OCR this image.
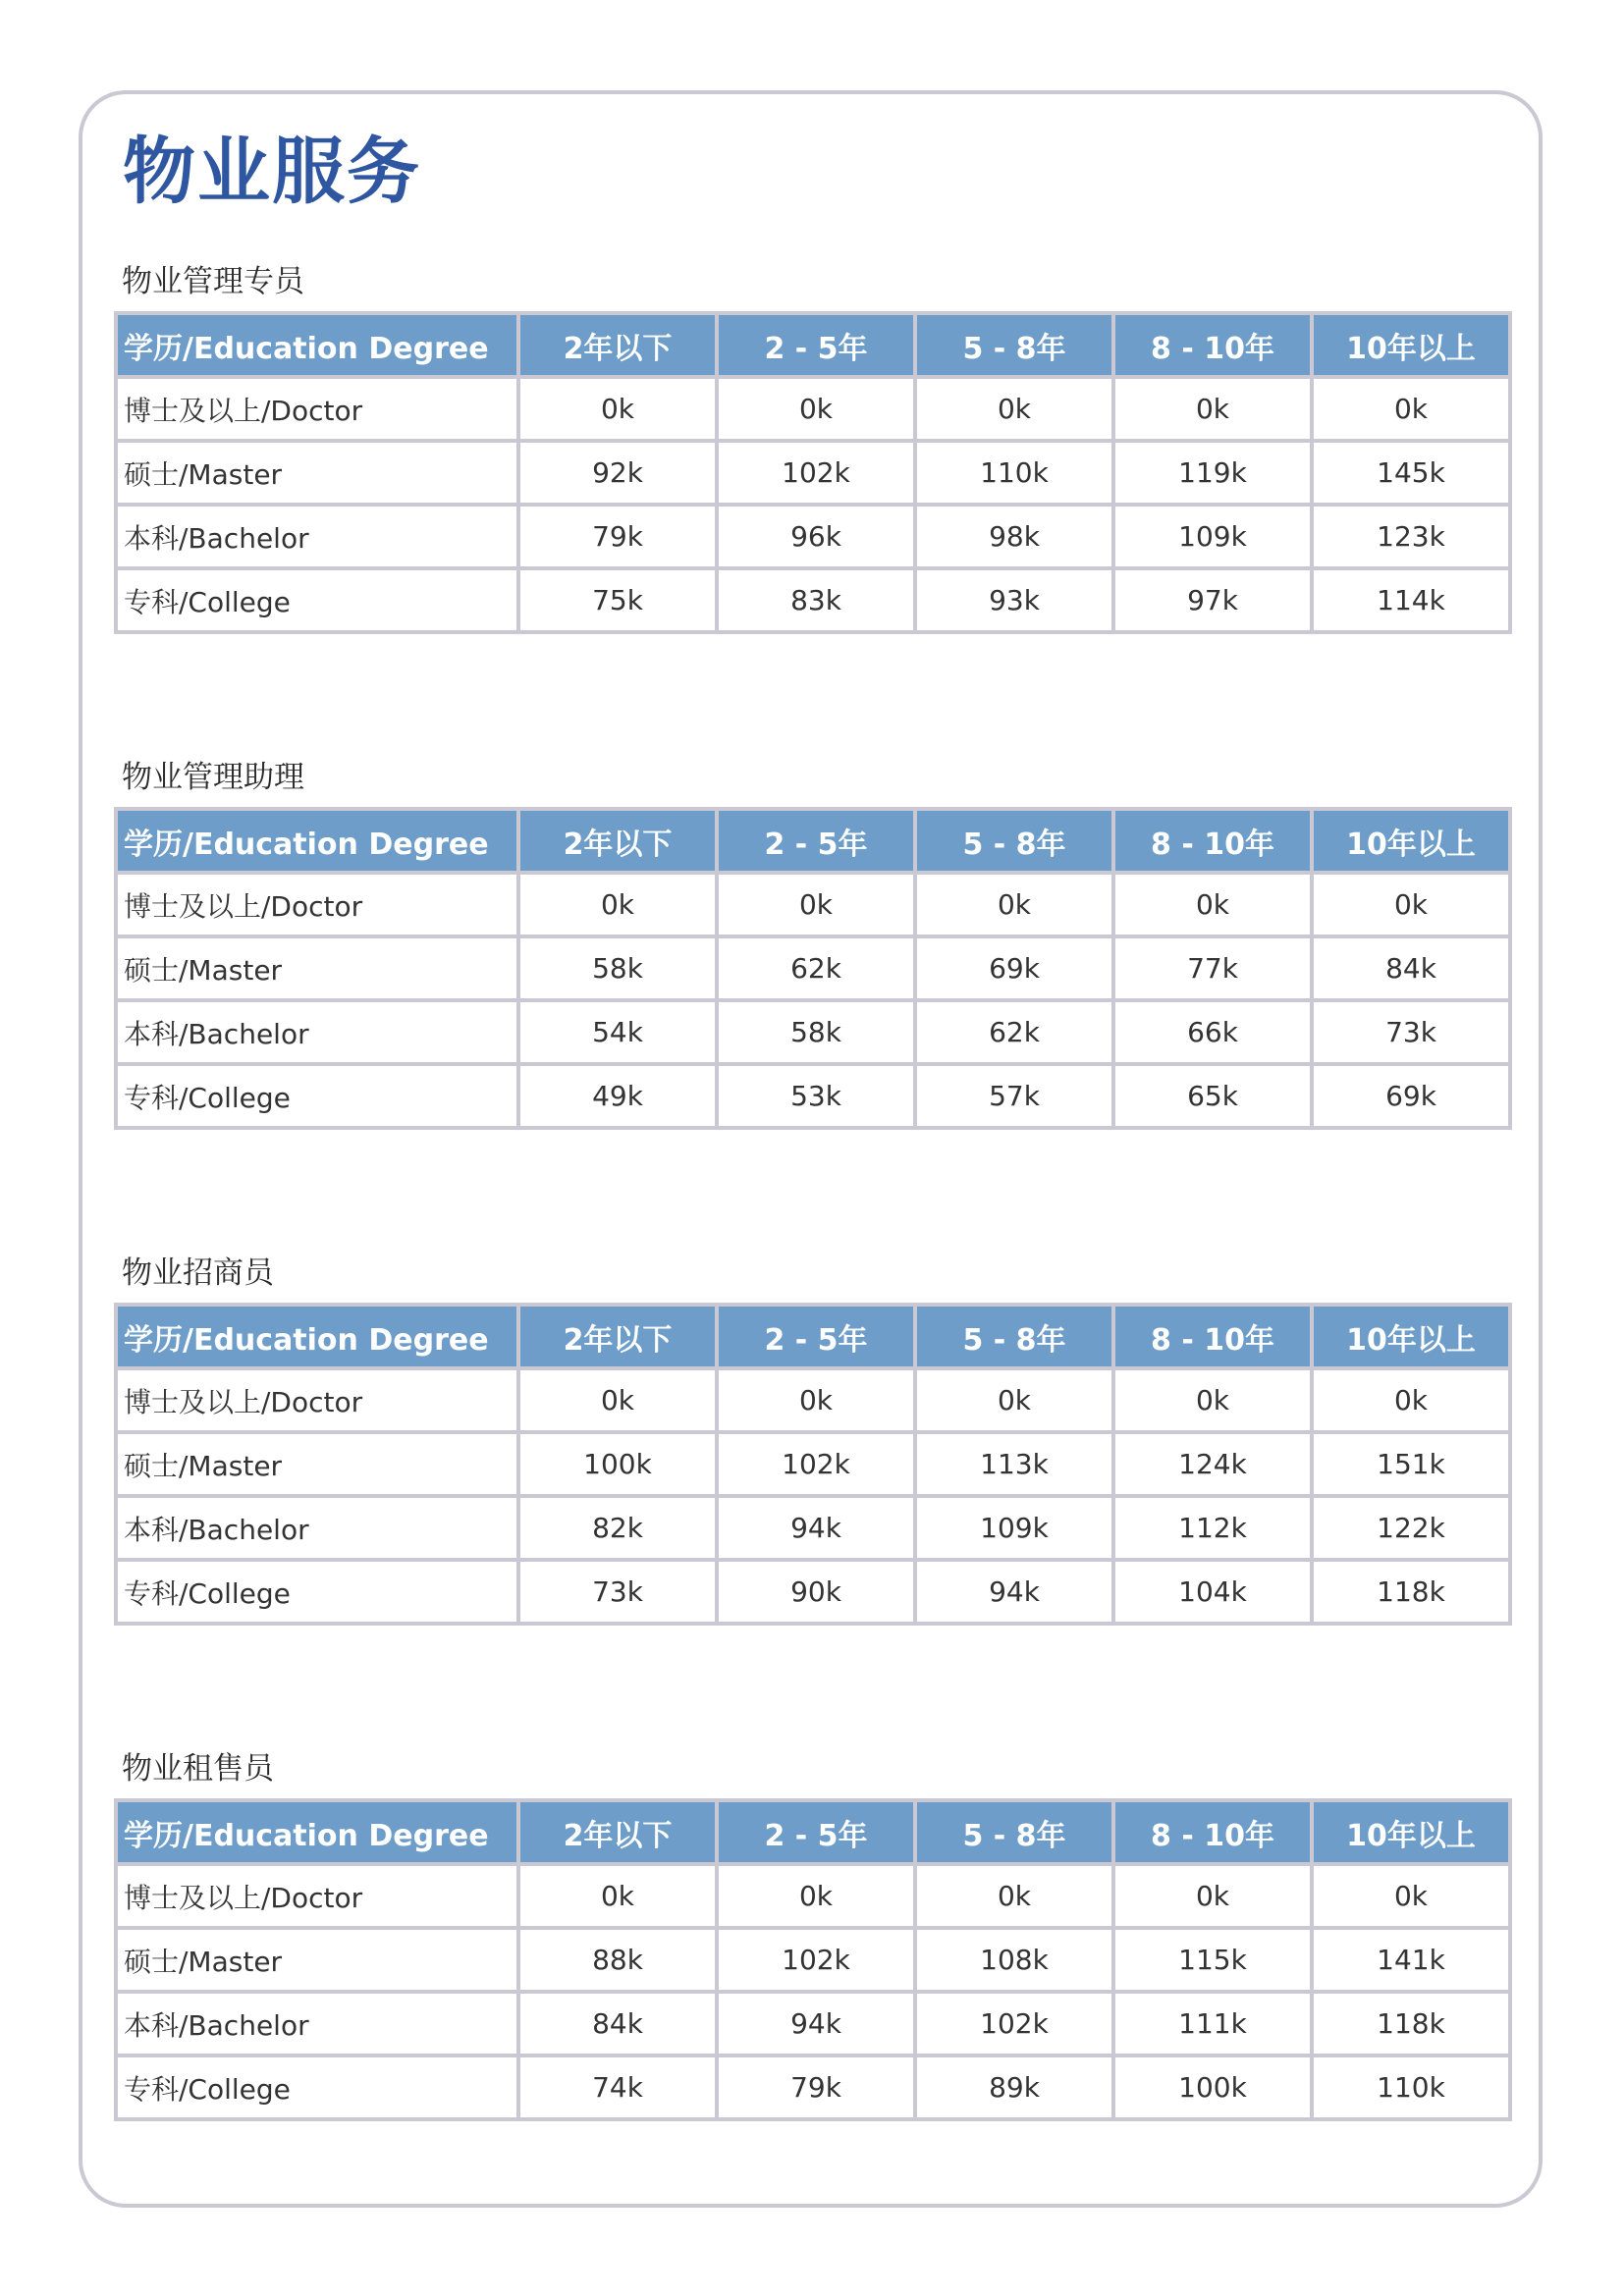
物业服务
物业管理专员
学历/Education Degree	2年以下	2 - 5年	5 - 8年	8 - 10年	10年以上
博士及以上/Doctor	0k	0k	0k	0k	0k
硕士/Master	92k	102k	110k	119k	145k
本科/Bachelor	79k	96k	98k	109k	123k
专科/College	75k	83k	93k	97k	114k
物业管理助理
学历/Education Degree	2年以下	2 - 5年	5 - 8年	8 - 10年	10年以上
博士及以上/Doctor	0k	0k	0k	0k	0k
硕士/Master	58k	62k	69k	77k	84k
本科/Bachelor	54k	58k	62k	66k	73k
专科/College	49k	53k	57k	65k	69k
物业招商员
学历/Education Degree	2年以下	2 - 5年	5 - 8年	8 - 10年	10年以上
博士及以上/Doctor	0k	0k	0k	0k	0k
硕士/Master	100k	102k	113k	124k	151k
本科/Bachelor	82k	94k	109k	112k	122k
专科/College	73k	90k	94k	104k	118k
物业租售员
学历/Education Degree	2年以下	2 - 5年	5 - 8年	8 - 10年	10年以上
博士及以上/Doctor	0k	0k	0k	0k	0k
硕士/Master	88k	102k	108k	115k	141k
本科/Bachelor	84k	94k	102k	111k	118k
专科/College	74k	79k	89k	100k	110k
